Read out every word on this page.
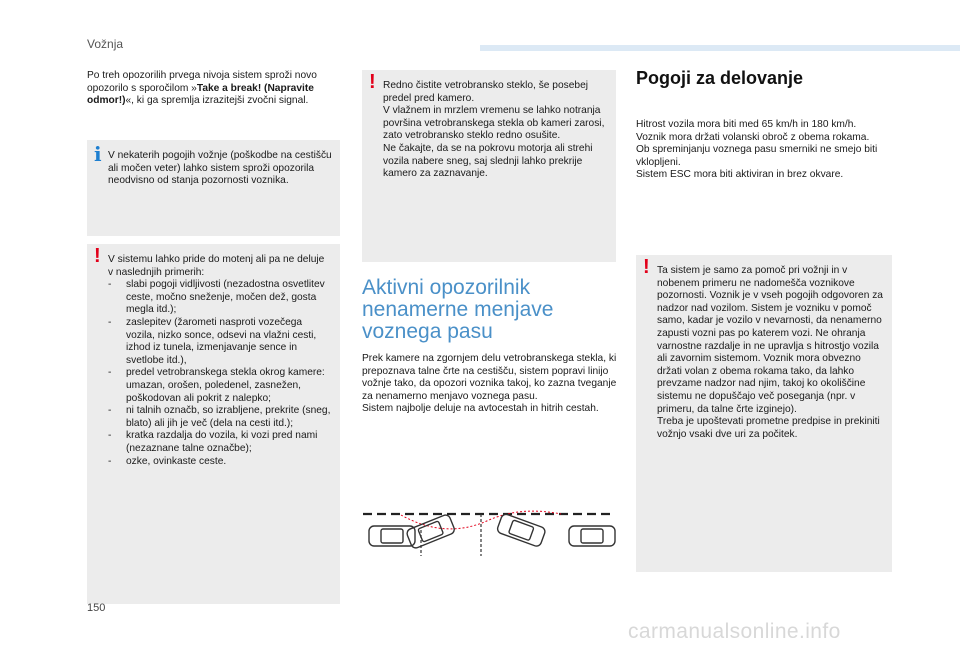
Vožnja
Po treh opozorilih prvega nivoja sistem sproži novo opozorilo s sporočilom »Take a break! (Napravite odmor!)«, ki ga spremlja izrazitejši zvočni signal.
i V nekaterih pogojih vožnje (poškodbe na cestišču ali močen veter) lahko sistem sproži opozorila neodvisno od stanja pozornosti voznika.
! V sistemu lahko pride do motenj ali pa ne deluje v naslednjih primerih:
-	slabi pogoji vidljivosti (nezadostna osvetlitev ceste, močno sneženje, močen dež, gosta megla itd.);
-	zaslepitev (žarometi nasproti vozečega vozila, nizko sonce, odsevi na vlažni cesti, izhod iz tunela, izmenjavanje sence in svetlobe itd.),
-	predel vetrobranskega stekla okrog kamere: umazan, orošen, poledenel, zasnežen, poškodovan ali pokrit z nalepko;
-	ni talnih označb, so izrabljene, prekrite (sneg, blato) ali jih je več (dela na cesti itd.);
-	kratka razdalja do vozila, ki vozi pred nami (nezaznane talne označbe);
-	ozke, ovinkaste ceste.
! Redno čistite vetrobransko steklo, še posebej predel pred kamero.
V vlažnem in mrzlem vremenu se lahko notranja površina vetrobranskega stekla ob kameri zarosi, zato vetrobransko steklo redno osušite.
Ne čakajte, da se na pokrovu motorja ali strehi vozila nabere sneg, saj slednji lahko prekrije kamero za zaznavanje.
Aktivni opozorilnik
nenamerne menjave
voznega pasu
Prek kamere na zgornjem delu vetrobranskega stekla, ki prepoznava talne črte na cestišču, sistem popravi linijo vožnje tako, da opozori voznika takoj, ko zazna tveganje za nenamerno menjavo voznega pasu.
Sistem najbolje deluje na avtocestah in hitrih cestah.
Pogoji za delovanje
Hitrost vozila mora biti med 65 km/h in 180 km/h.
Voznik mora držati volanski obroč z obema rokama.
Ob spreminjanju voznega pasu smerniki ne smejo biti vklopljeni.
Sistem ESC mora biti aktiviran in brez okvare.
! Ta sistem je samo za pomoč pri vožnji in v nobenem primeru ne nadomešča voznikove pozornosti. Voznik je v vseh pogojih odgovoren za nadzor nad vozilom. Sistem je vozniku v pomoč samo, kadar je vozilo v nevarnosti, da nenamerno zapusti vozni pas po katerem vozi. Ne ohranja varnostne razdalje in ne upravlja s hitrostjo vozila ali zavornim sistemom. Voznik mora obvezno držati volan z obema rokama tako, da lahko prevzame nadzor nad njim, takoj ko okoliščine sistemu ne dopuščajo več poseganja (npr. v primeru, da talne črte izginejo).
Treba je upoštevati prometne predpise in prekiniti vožnjo vsaki dve uri za počitek.
150
carmanualsonline.info
